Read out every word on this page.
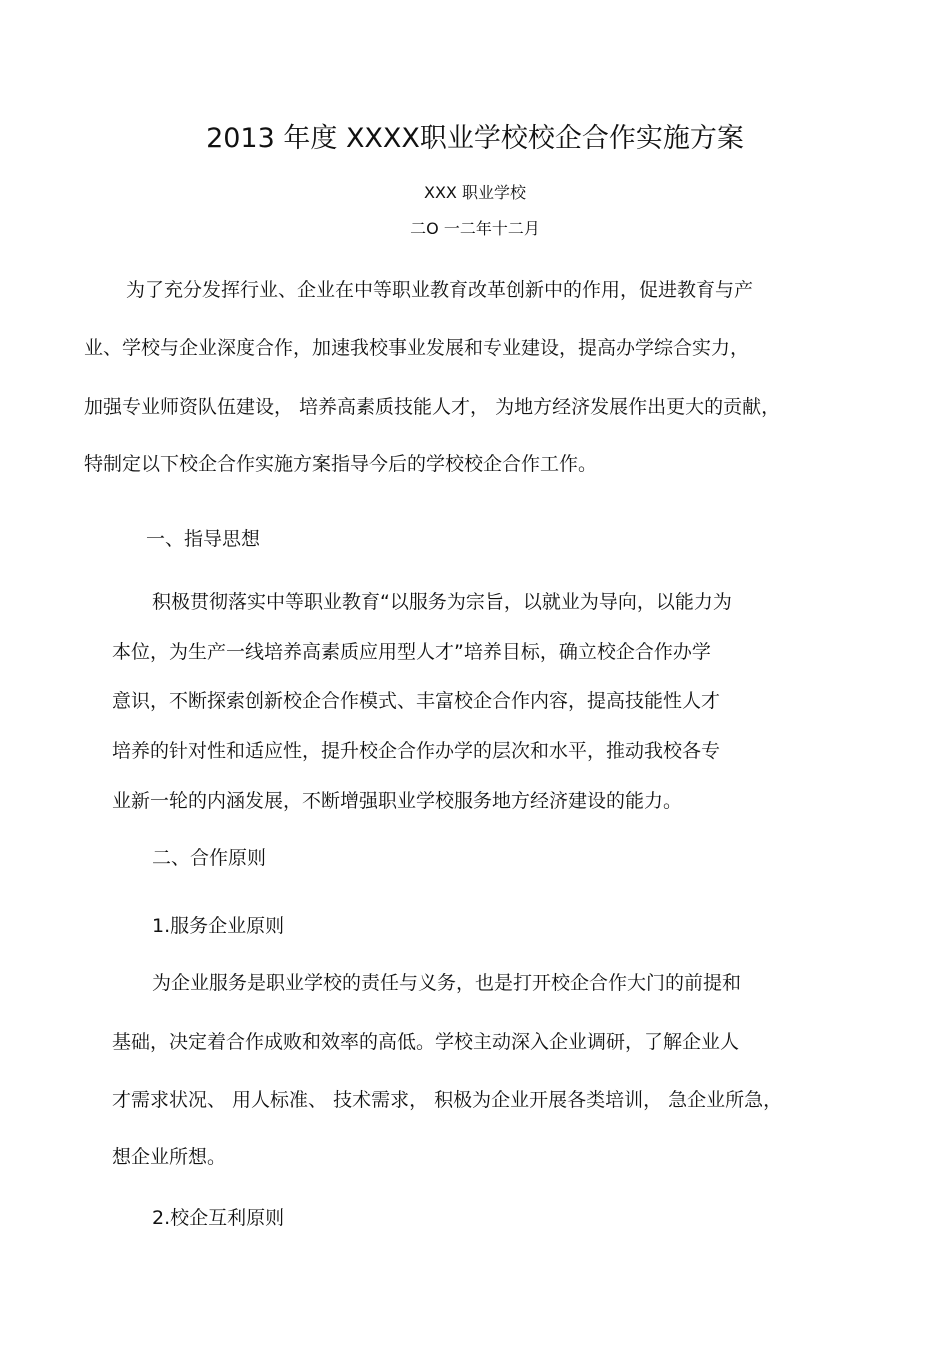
2013 年度 XXXX职业学校校企合作实施方案
XXX 职业学校
二O 一二年十二月
为了充分发挥行业、企业在中等职业教育改革创新中的作用，促进教育与产
业、学校与企业深度合作，加速我校事业发展和专业建设，提高办学综合实力，
加强专业师资队伍建设， 培养高素质技能人才， 为地方经济发展作出更大的贡献，
特制定以下校企合作实施方案指导今后的学校校企合作工作。
一、指导思想
积极贯彻落实中等职业教育“以服务为宗旨，以就业为导向，以能力为
本位，为生产一线培养高素质应用型人才”培养目标，确立校企合作办学
意识，不断探索创新校企合作模式、丰富校企合作内容，提高技能性人才
培养的针对性和适应性，提升校企合作办学的层次和水平，推动我校各专
业新一轮的内涵发展，不断增强职业学校服务地方经济建设的能力。
二、合作原则
1.服务企业原则
为企业服务是职业学校的责任与义务，也是打开校企合作大门的前提和
基础，决定着合作成败和效率的高低。学校主动深入企业调研，了解企业人
才需求状况、 用人标准、 技术需求， 积极为企业开展各类培训， 急企业所急，
想企业所想。
2.校企互利原则
